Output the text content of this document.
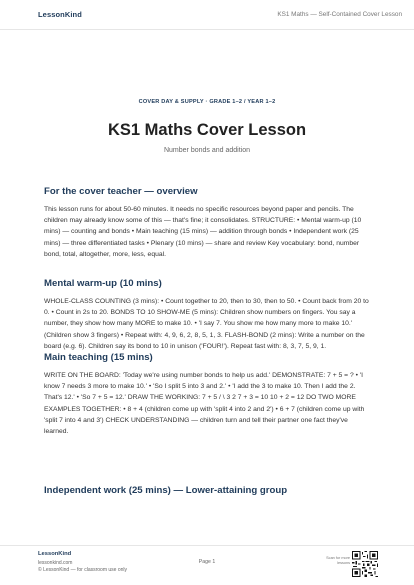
LessonKind	KS1 Maths — Self-Contained Cover Lesson
COVER DAY & SUPPLY · GRADE 1–2 / YEAR 1–2
KS1 Maths Cover Lesson
Number bonds and addition
For the cover teacher — overview

This lesson runs for about 50-60 minutes. It needs no specific resources beyond paper and pencils. The children may already know some of this — that's fine; it consolidates. STRUCTURE: • Mental warm-up (10 mins) — counting and bonds • Main teaching (15 mins) — addition through bonds • Independent work (25 mins) — three differentiated tasks • Plenary (10 mins) — share and review Key vocabulary: bond, number bond, total, altogether, more, less, equal.

Mental warm-up (10 mins)

WHOLE-CLASS COUNTING (3 mins): • Count together to 20, then to 30, then to 50. • Count back from 20 to 0. • Count in 2s to 20. BONDS TO 10 SHOW-ME (5 mins): Children show numbers on fingers. You say a number, they show how many MORE to make 10. • 'I say 7. You show me how many more to make 10.' (Children show 3 fingers) • Repeat with: 4, 9, 6, 2, 8, 5, 1, 3. FLASH-BOND (2 mins): Write a number on the board (e.g. 6). Children say its bond to 10 in unison ('FOUR!'). Repeat fast with: 8, 3, 7, 5, 9, 1.

Main teaching (15 mins)

WRITE ON THE BOARD: 'Today we're using number bonds to help us add.' DEMONSTRATE: 7 + 5 = ? • 'I know 7 needs 3 more to make 10.' • 'So I split 5 into 3 and 2.' • 'I add the 3 to make 10. Then I add the 2. That's 12.' • 'So 7 + 5 = 12.' DRAW THE WORKING: 7 + 5 / \ 3 2 7 + 3 = 10 10 + 2 = 12 DO TWO MORE EXAMPLES TOGETHER: • 8 + 4 (children come up with 'split 4 into 2 and 2') • 6 + 7 (children come up with 'split 7 into 4 and 3') CHECK UNDERSTANDING — children turn and tell their partner one fact they've learned.

Independent work (25 mins) — Lower-attaining group
LessonKind
lessonkind.com
© LessonKind — for classroom use only
Page 1
Scan for more lessons
